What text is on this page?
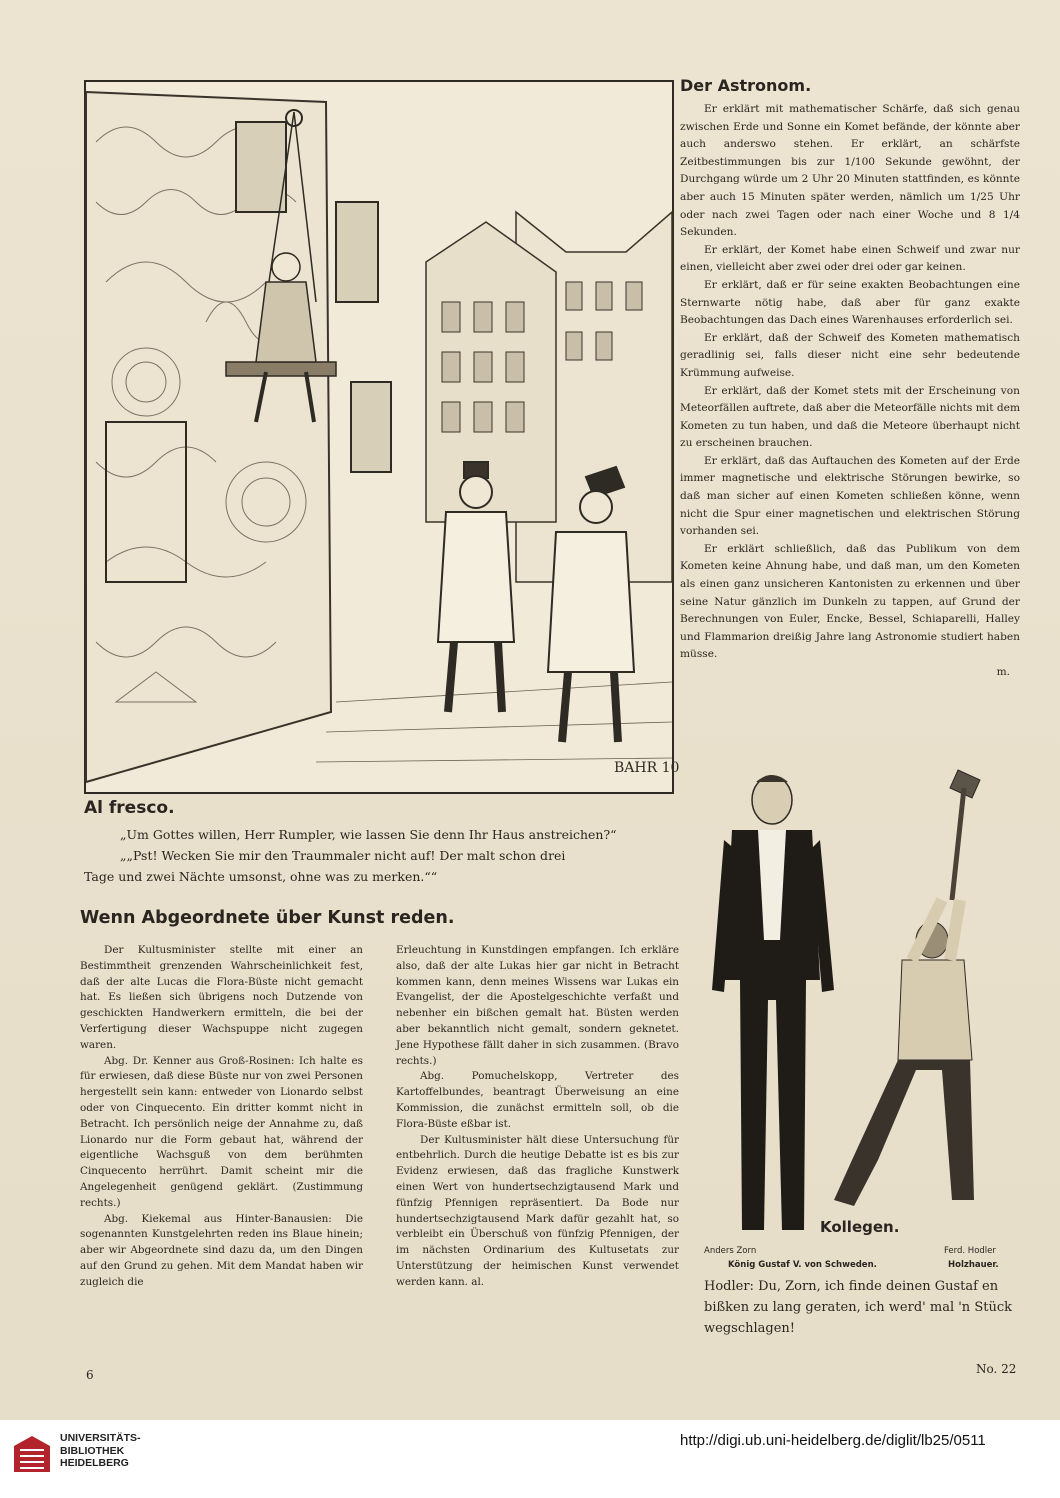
BAHR 10
Al fresco.

„Um Gottes willen, Herr Rumpler, wie lassen Sie denn Ihr Haus anstreichen?“

„„Pst! Wecken Sie mir den Traummaler nicht auf! Der malt schon drei

Tage und zwei Nächte umsonst, ohne was zu merken.““

Der Astronom.

Er erklärt mit mathematischer Schärfe, daß sich genau zwischen Erde und Sonne ein Komet befände, der könnte aber auch anderswo stehen. Er erklärt, an schärfste Zeitbestimmungen bis zur 1/100 Sekunde gewöhnt, der Durchgang würde um 2 Uhr 20 Minuten stattfinden, es könnte aber auch 15 Minuten später werden, nämlich um 1/25 Uhr oder nach zwei Tagen oder nach einer Woche und 8 1/4 Sekunden.

Er erklärt, der Komet habe einen Schweif und zwar nur einen, vielleicht aber zwei oder drei oder gar keinen.

Er erklärt, daß er für seine exakten Beobachtungen eine Sternwarte nötig habe, daß aber für ganz exakte Beobachtungen das Dach eines Warenhauses erforderlich sei.

Er erklärt, daß der Schweif des Kometen mathematisch geradlinig sei, falls dieser nicht eine sehr bedeutende Krümmung aufweise.

Er erklärt, daß der Komet stets mit der Erscheinung von Meteorfällen auftrete, daß aber die Meteorfälle nichts mit dem Kometen zu tun haben, und daß die Meteore überhaupt nicht zu erscheinen brauchen.

Er erklärt, daß das Auftauchen des Kometen auf der Erde immer magnetische und elektrische Störungen bewirke, so daß man sicher auf einen Kometen schließen könne, wenn nicht die Spur einer magnetischen und elektrischen Störung vorhanden sei.

Er erklärt schließlich, daß das Publikum von dem Kometen keine Ahnung habe, und daß man, um den Kometen als einen ganz unsicheren Kantonisten zu erkennen und über seine Natur gänzlich im Dunkeln zu tappen, auf Grund der Berechnungen von Euler, Encke, Bessel, Schiaparelli, Halley und Flammarion dreißig Jahre lang Astronomie studiert haben müsse.

m.

Wenn Abgeordnete über Kunst reden.

Der Kultusminister stellte mit einer an Bestimmtheit grenzenden Wahrscheinlichkeit fest, daß der alte Lucas die Flora-Büste nicht gemacht hat. Es ließen sich übrigens noch Dutzende von geschickten Handwerkern ermitteln, die bei der Verfertigung dieser Wachspuppe nicht zugegen waren.

Abg. Dr. Kenner aus Groß-Rosinen: Ich halte es für erwiesen, daß diese Büste nur von zwei Personen hergestellt sein kann: entweder von Lionardo selbst oder von Cinquecento. Ein dritter kommt nicht in Betracht. Ich persönlich neige der Annahme zu, daß Lionardo nur die Form gebaut hat, während der eigentliche Wachsguß von dem berühmten Cinquecento herrührt. Damit scheint mir die Angelegenheit genügend geklärt. (Zustimmung rechts.)

Abg. Kiekemal aus Hinter-Banausien: Die sogenannten Kunstgelehrten reden ins Blaue hinein; aber wir Abgeordnete sind dazu da, um den Dingen auf den Grund zu gehen. Mit dem Mandat haben wir zugleich die

Erleuchtung in Kunstdingen empfangen. Ich erkläre also, daß der alte Lukas hier gar nicht in Betracht kommen kann, denn meines Wissens war Lukas ein Evangelist, der die Apostelgeschichte verfaßt und nebenher ein bißchen gemalt hat. Büsten werden aber bekanntlich nicht gemalt, sondern geknetet. Jene Hypothese fällt daher in sich zusammen. (Bravo rechts.)

Abg. Pomuchelskopp, Vertreter des Kartoffelbundes, beantragt Überweisung an eine Kommission, die zunächst ermitteln soll, ob die Flora-Büste eßbar ist.

Der Kultusminister hält diese Untersuchung für entbehrlich. Durch die heutige Debatte ist es bis zur Evidenz erwiesen, daß das fragliche Kunstwerk einen Wert von hundertsechzigtausend Mark und fünfzig Pfennigen repräsentiert. Da Bode nur hundertsechzigtausend Mark dafür gezahlt hat, so verbleibt ein Überschuß von fünfzig Pfennigen, der im nächsten Ordinarium des Kultusetats zur Unterstützung der heimischen Kunst verwendet werden kann. al.

Kollegen.
Anders Zorn	Ferd. Hodler
König Gustaf V. von Schweden.	Holzhauer.
Hodler: Du, Zorn, ich finde deinen Gustaf en bißken zu lang geraten, ich werd' mal 'n Stück wegschlagen!
6	No. 22
UNIVERSITÄTS-
BIBLIOTHEK
HEIDELBERG
http://digi.ub.uni-heidelberg.de/diglit/lb25/0511
